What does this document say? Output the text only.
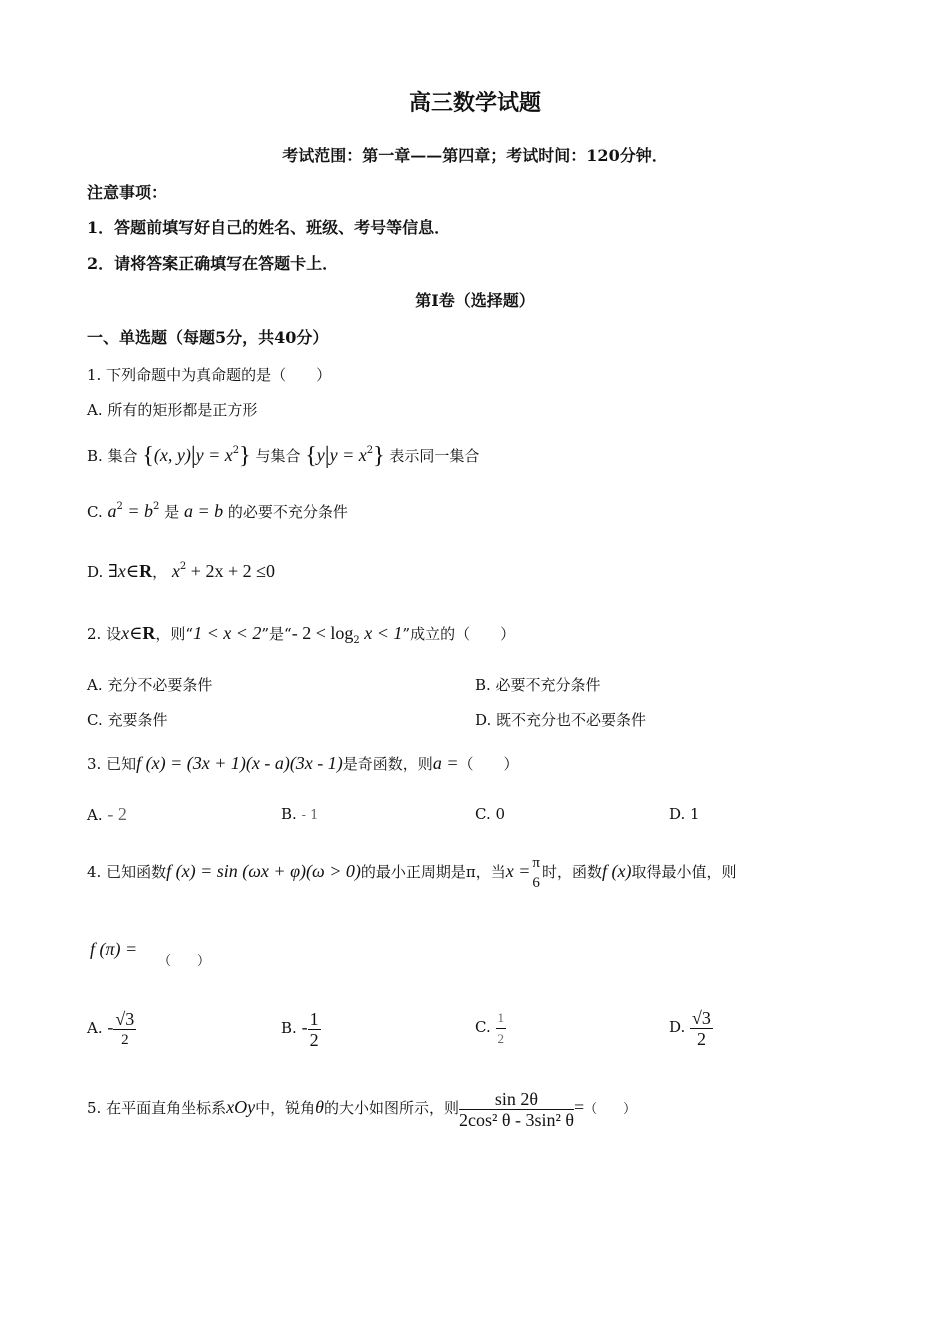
高三数学试题
考试范围：第一章——第四章；考试时间：120分钟．
注意事项：
1．答题前填写好自己的姓名、班级、考号等信息．
2．请将答案正确填写在答题卡上．
第Ⅰ卷（选择题）
一、单选题（每题5分，共40分）
1. 下列命题中为真命题的是（　　）
A. 所有的矩形都是正方形
B. 集合 {(x, $y)|y = x^2$} 与集合 $\{y|y = x^2\}$ 表示同一集合
C. $a^2 = b^2$ 是 a = b 的必要不充分条件
D. ∃x∈R， $x^2 + 2x + 2 \le 0$
2. 设x∈R，则“1 < x < 2”是“- $2 < \log_2 x < 1$”成立的（　　）
A. 充分不必要条件	B. 必要不充分条件
C. 充要条件	D. 既不充分也不必要条件
3. 已知f (x) = (3x + 1)(x - a)(3x - 1)是奇函数，则a =（　　）
A. - 2	B. - 1	C. 0	D. 1
4. 已知函数f (x) = sin (ωx + φ)(ω > 0)的最小正周期是π，当x = π
6
时，函数f (x)取得最小值，则
f (π) =
（　　）
A. - $\frac{√3}{2}$	B. - $\frac{1}{2}$	C. $\frac{1}{2}$	D. $\frac{√3}{2}$
5. 在平面直角坐标系xOy中，锐角θ的大小如图所示，则 $\frac{\sin 2\theta}{\text{2cos² θ - 3sin² θ}}$ =（　　）
